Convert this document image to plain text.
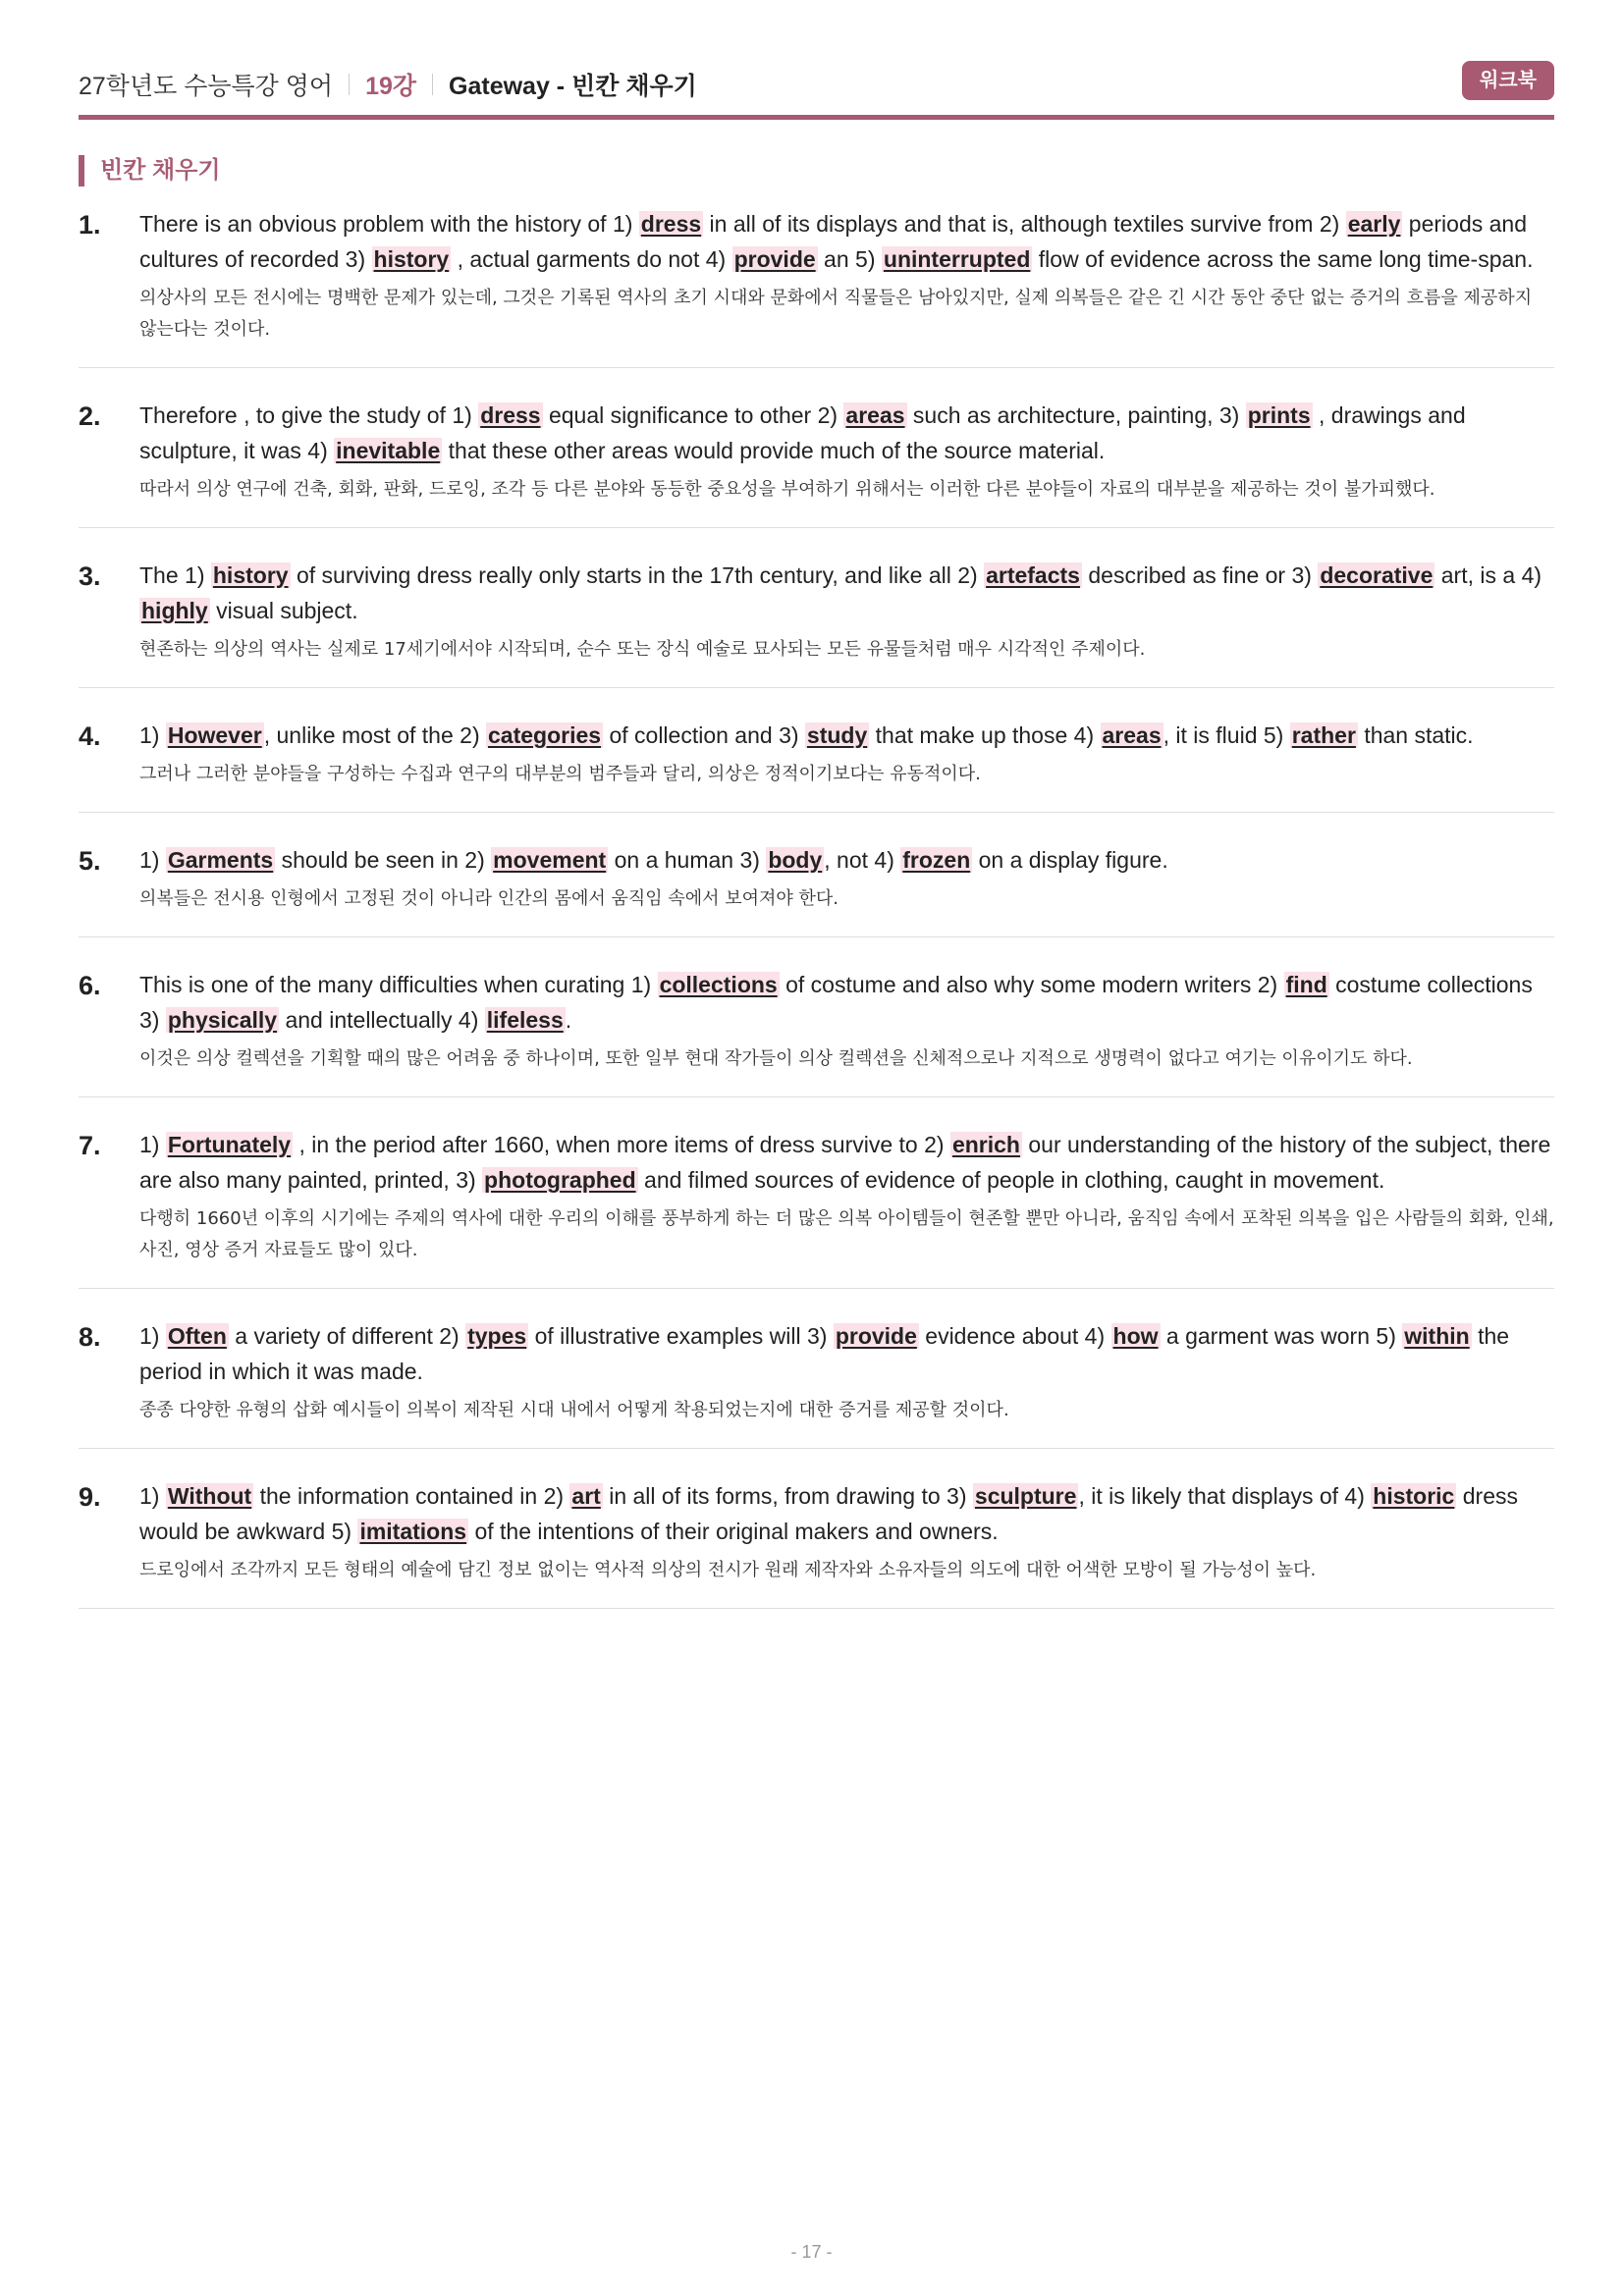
27학년도 수능특강 영어 19강 Gateway - 빈칸 채우기	워크북
빈칸 채우기
1. There is an obvious problem with the history of 1) dress in all of its displays and that is, although textiles survive from 2) early periods and cultures of recorded 3) history , actual garments do not 4) provide an 5) uninterrupted flow of evidence across the same long time-span.
의상사의 모든 전시에는 명백한 문제가 있는데, 그것은 기록된 역사의 초기 시대와 문화에서 직물들은 남아있지만, 실제 의복들은 같은 긴 시간 동안 중단 없는 증거의 흐름을 제공하지 않는다는 것이다.
2. Therefore , to give the study of 1) dress equal significance to other 2) areas such as architecture, painting, 3) prints , drawings and sculpture, it was 4) inevitable that these other areas would provide much of the source material.
따라서 의상 연구에 건축, 회화, 판화, 드로잉, 조각 등 다른 분야와 동등한 중요성을 부여하기 위해서는 이러한 다른 분야들이 자료의 대부분을 제공하는 것이 불가피했다.
3. The 1) history of surviving dress really only starts in the 17th century, and like all 2) artefacts described as fine or 3) decorative art, is a 4) highly visual subject.
현존하는 의상의 역사는 실제로 17세기에서야 시작되며, 순수 또는 장식 예술로 묘사되는 모든 유물들처럼 매우 시각적인 주제이다.
4. 1) However, unlike most of the 2) categories of collection and 3) study that make up those 4) areas, it is fluid 5) rather than static.
그러나 그러한 분야들을 구성하는 수집과 연구의 대부분의 범주들과 달리, 의상은 정적이기보다는 유동적이다.
5. 1) Garments should be seen in 2) movement on a human 3) body, not 4) frozen on a display figure.
의복들은 전시용 인형에서 고정된 것이 아니라 인간의 몸에서 움직임 속에서 보여져야 한다.
6. This is one of the many difficulties when curating 1) collections of costume and also why some modern writers 2) find costume collections 3) physically and intellectually 4) lifeless.
이것은 의상 컬렉션을 기획할 때의 많은 어려움 중 하나이며, 또한 일부 현대 작가들이 의상 컬렉션을 신체적으로나 지적으로 생명력이 없다고 여기는 이유이기도 하다.
7. 1) Fortunately , in the period after 1660, when more items of dress survive to 2) enrich our understanding of the history of the subject, there are also many painted, printed, 3) photographed and filmed sources of evidence of people in clothing, caught in movement.
다행히 1660년 이후의 시기에는 주제의 역사에 대한 우리의 이해를 풍부하게 하는 더 많은 의복 아이템들이 현존할 뿐만 아니라, 움직임 속에서 포착된 의복을 입은 사람들의 회화, 인쇄, 사진, 영상 증거 자료들도 많이 있다.
8. 1) Often a variety of different 2) types of illustrative examples will 3) provide evidence about 4) how a garment was worn 5) within the period in which it was made.
종종 다양한 유형의 삽화 예시들이 의복이 제작된 시대 내에서 어떻게 착용되었는지에 대한 증거를 제공할 것이다.
9. 1) Without the information contained in 2) art in all of its forms, from drawing to 3) sculpture, it is likely that displays of 4) historic dress would be awkward 5) imitations of the intentions of their original makers and owners.
드로잉에서 조각까지 모든 형태의 예술에 담긴 정보 없이는 역사적 의상의 전시가 원래 제작자와 소유자들의 의도에 대한 어색한 모방이 될 가능성이 높다.
- 17 -
